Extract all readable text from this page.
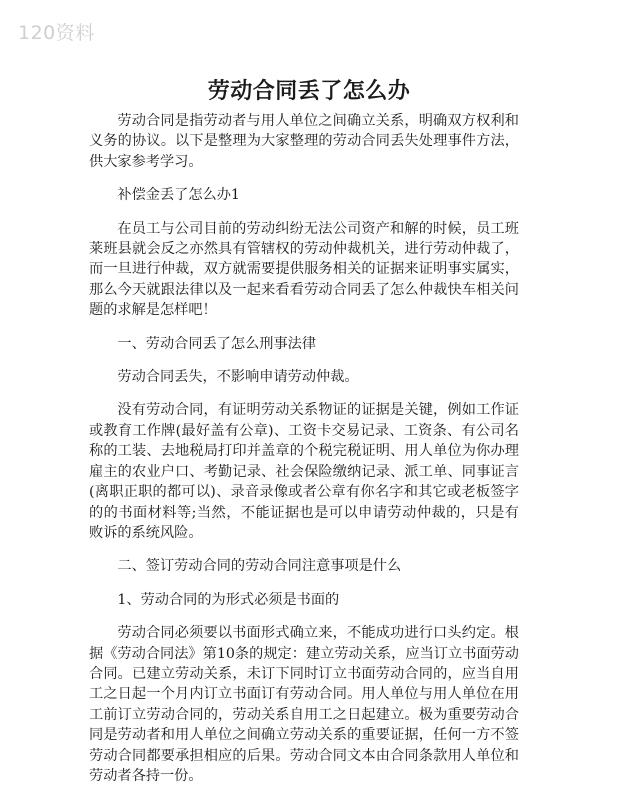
120资料
劳动合同丢了怎么办

劳动合同是指劳动者与用人单位之间确立关系，明确双方权利和义务的协议。以下是整理为大家整理的劳动合同丢失处理事件方法，供大家参考学习。

补偿金丢了怎么办1

在员工与公司目前的劳动纠纷无法公司资产和解的时候，员工班莱班县就会反之亦然具有管辖权的劳动仲裁机关，进行劳动仲裁了，而一旦进行仲裁，双方就需要提供服务相关的证据来证明事实属实，那么今天就跟法律以及一起来看看劳动合同丢了怎么仲裁快车相关问题的求解是怎样吧！

一、劳动合同丢了怎么刑事法律

劳动合同丢失，不影响申请劳动仲裁。

没有劳动合同，有证明劳动关系物证的证据是关键，例如工作证或教育工作牌(最好盖有公章)、工资卡交易记录、工资条、有公司名称的工装、去地税局打印并盖章的个税完税证明、用人单位为你办理雇主的农业户口、考勤记录、社会保险缴纳记录、派工单、同事证言(离职正职的都可以)、录音录像或者公章有你名字和其它或老板签字的的书面材料等;当然，不能证据也是可以申请劳动仲裁的，只是有败诉的系统风险。

二、签订劳动合同的劳动合同注意事项是什么

1、劳动合同的为形式必须是书面的

劳动合同必须要以书面形式确立来，不能成功进行口头约定。根据《劳动合同法》第10条的规定：建立劳动关系，应当订立书面劳动合同。已建立劳动关系，未订下同时订立书面劳动合同的，应当自用工之日起一个月内订立书面订有劳动合同。用人单位与用人单位在用工前订立劳动合同的，劳动关系自用工之日起建立。极为重要劳动合同是劳动者和用人单位之间确立劳动关系的重要证据，任何一方不签劳动合同都要承担相应的后果。劳动合同文本由合同条款用人单位和劳动者各持一份。
